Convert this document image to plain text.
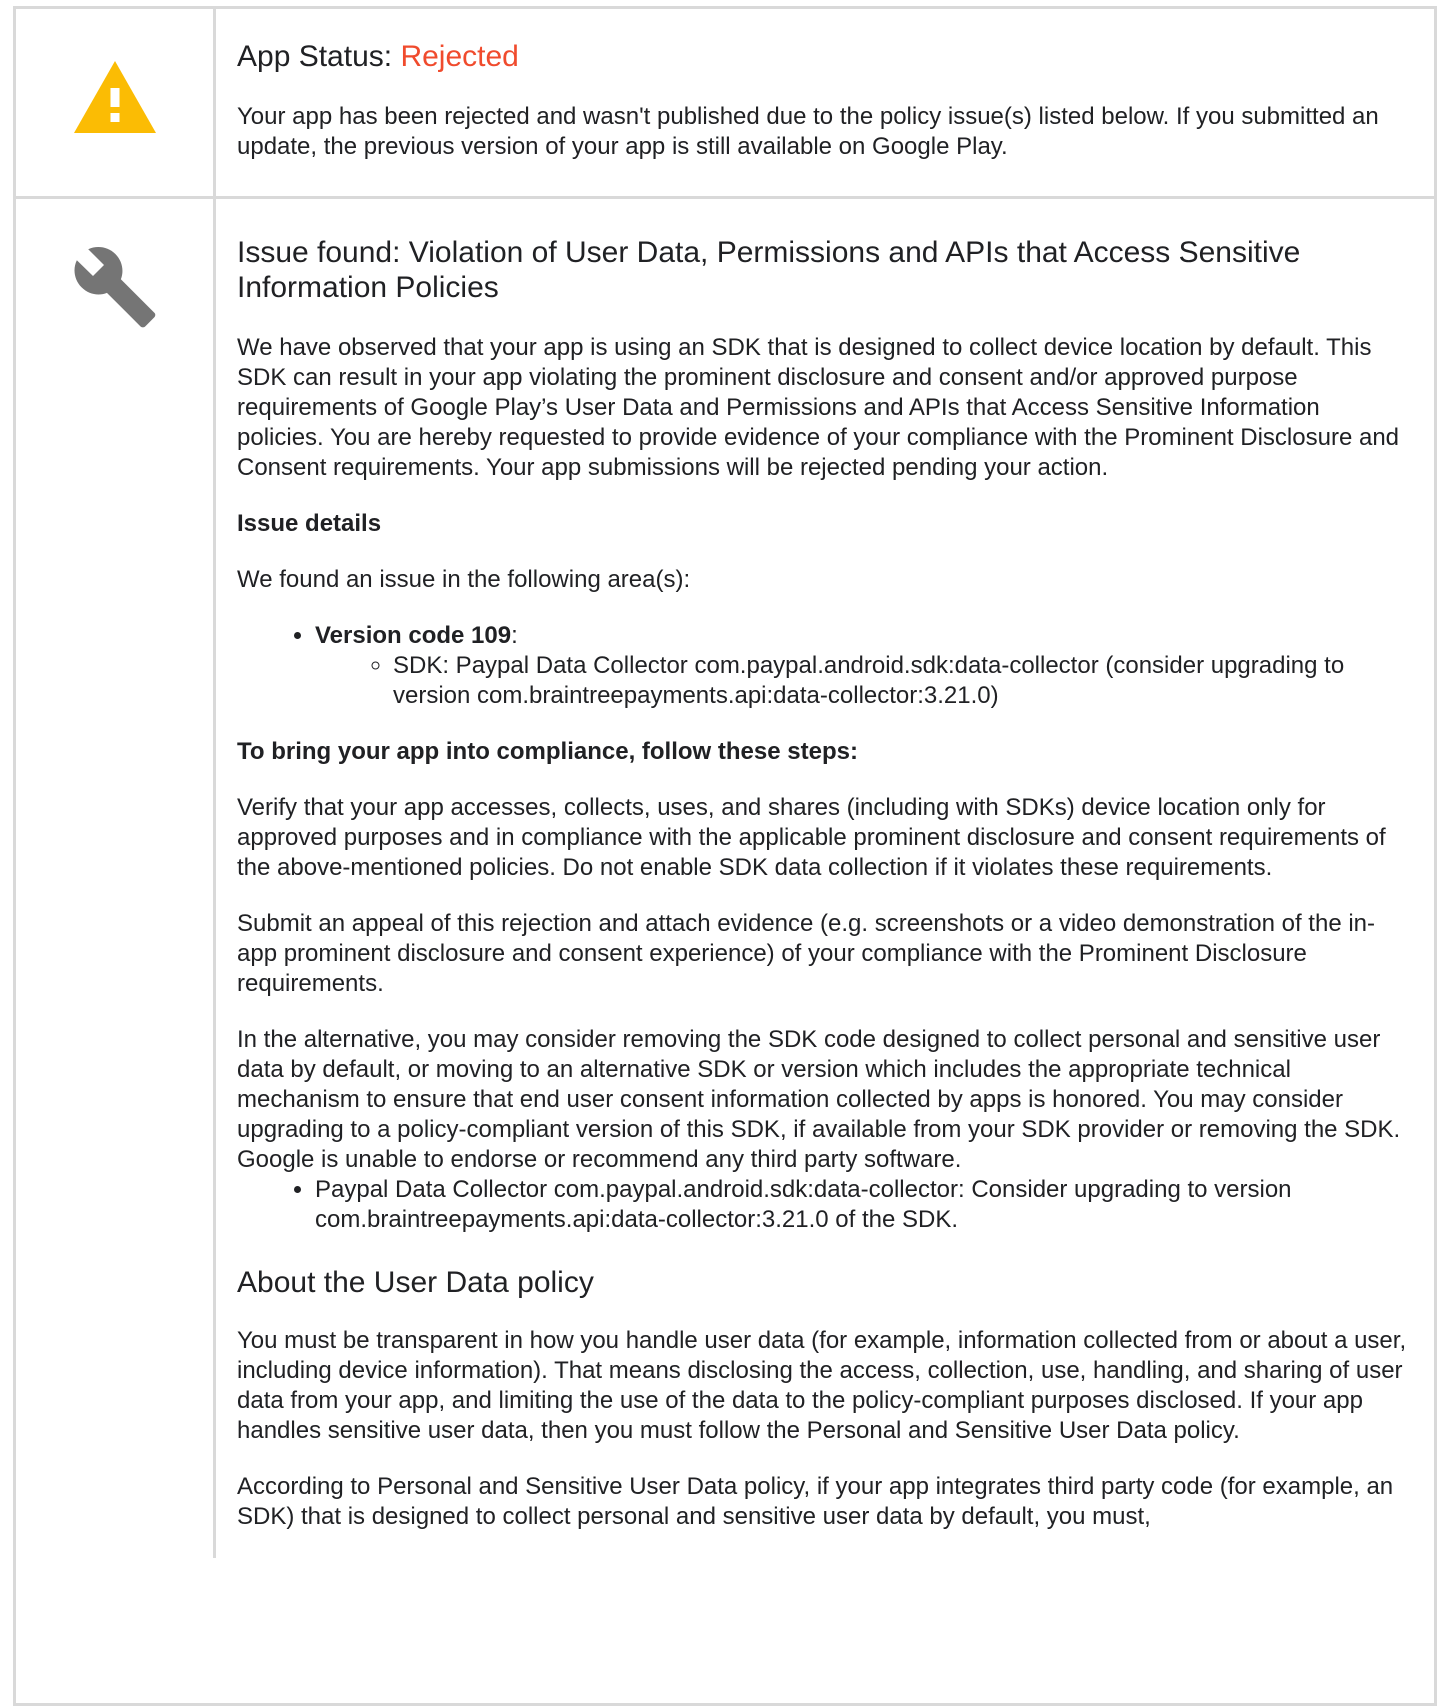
App Status: Rejected

Your app has been rejected and wasn't published due to the policy issue(s) listed below. If you submitted an update, the previous version of your app is still available on Google Play.

Issue found: Violation of User Data, Permissions and APIs that Access Sensitive Information Policies

We have observed that your app is using an SDK that is designed to collect device location by default. This SDK can result in your app violating the prominent disclosure and consent and/or approved purpose requirements of Google Play’s User Data and Permissions and APIs that Access Sensitive Information policies. You are hereby requested to provide evidence of your compliance with the Prominent Disclosure and Consent requirements. Your app submissions will be rejected pending your action.

Issue details

We found an issue in the following area(s):

• Version code 109:
◦ SDK: Paypal Data Collector com.paypal.android.sdk:data-collector (consider upgrading to version com.braintreepayments.api:data-collector:3.21.0)

To bring your app into compliance, follow these steps:

Verify that your app accesses, collects, uses, and shares (including with SDKs) device location only for approved purposes and in compliance with the applicable prominent disclosure and consent requirements of the above-mentioned policies. Do not enable SDK data collection if it violates these requirements.

Submit an appeal of this rejection and attach evidence (e.g. screenshots or a video demonstration of the in-app prominent disclosure and consent experience) of your compliance with the Prominent Disclosure requirements.

In the alternative, you may consider removing the SDK code designed to collect personal and sensitive user data by default, or moving to an alternative SDK or version which includes the appropriate technical mechanism to ensure that end user consent information collected by apps is honored. You may consider upgrading to a policy-compliant version of this SDK, if available from your SDK provider or removing the SDK. Google is unable to endorse or recommend any third party software.

• Paypal Data Collector com.paypal.android.sdk:data-collector: Consider upgrading to version com.braintreepayments.api:data-collector:3.21.0 of the SDK.
About the User Data policy

You must be transparent in how you handle user data (for example, information collected from or about a user, including device information). That means disclosing the access, collection, use, handling, and sharing of user data from your app, and limiting the use of the data to the policy-compliant purposes disclosed. If your app handles sensitive user data, then you must follow the Personal and Sensitive User Data policy.

According to Personal and Sensitive User Data policy, if your app integrates third party code (for example, an SDK) that is designed to collect personal and sensitive user data by default, you must,
